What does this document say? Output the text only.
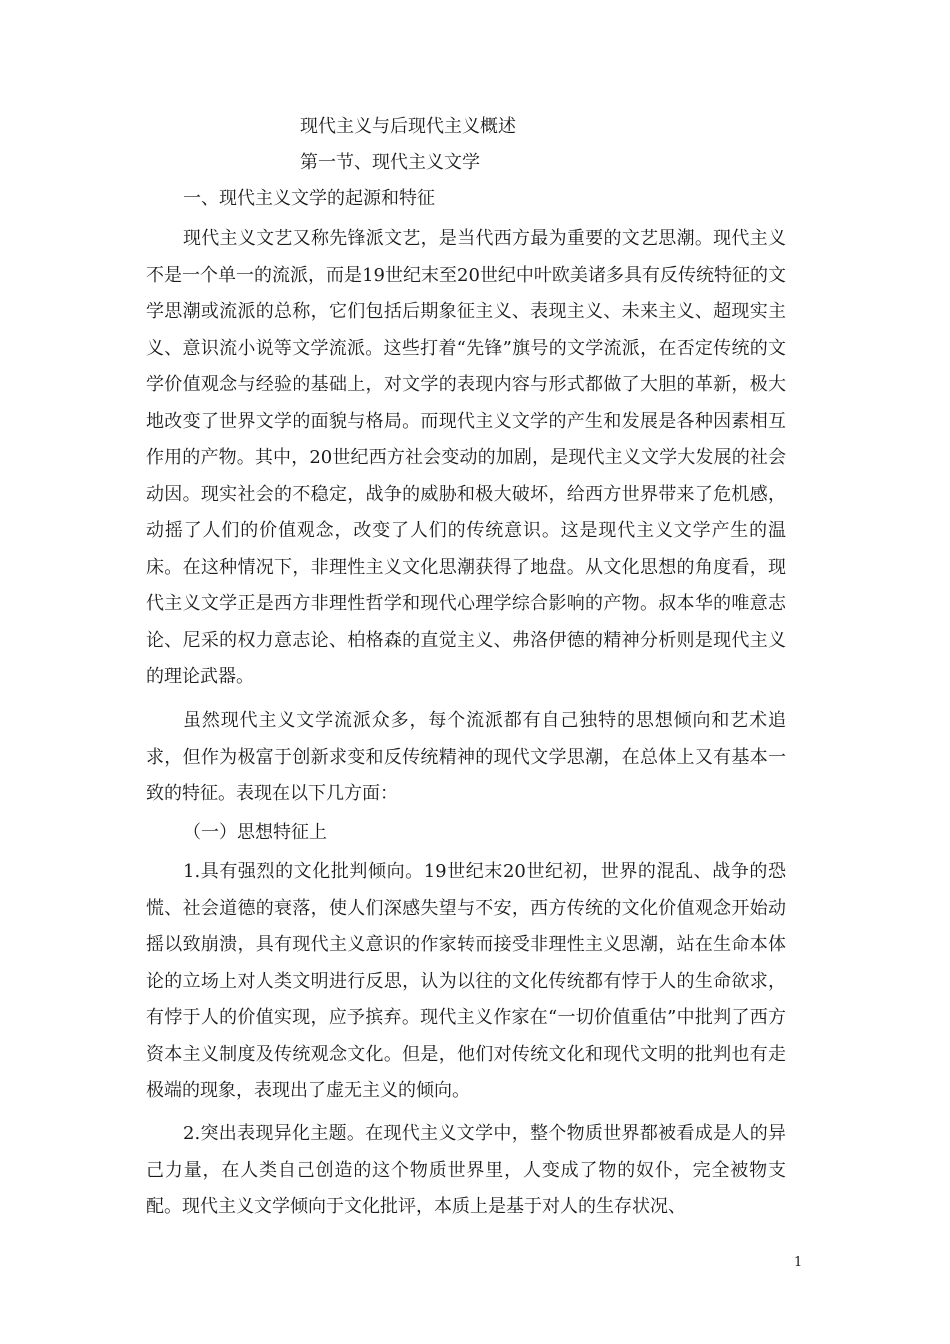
现代主义与后现代主义概述
第一节、现代主义文学
一、现代主义文学的起源和特征

现代主义文艺又称先锋派文艺，是当代西方最为重要的文艺思潮。现代主义不是一个单一的流派，而是19世纪末至20世纪中叶欧美诸多具有反传统特征的文学思潮或流派的总称，它们包括后期象征主义、表现主义、未来主义、超现实主义、意识流小说等文学流派。这些打着“先锋”旗号的文学流派，在否定传统的文学价值观念与经验的基础上，对文学的表现内容与形式都做了大胆的革新，极大地改变了世界文学的面貌与格局。而现代主义文学的产生和发展是各种因素相互作用的产物。其中，20世纪西方社会变动的加剧，是现代主义文学大发展的社会动因。现实社会的不稳定，战争的威胁和极大破坏，给西方世界带来了危机感，动摇了人们的价值观念，改变了人们的传统意识。这是现代主义文学产生的温床。在这种情况下，非理性主义文化思潮获得了地盘。从文化思想的角度看，现代主义文学正是西方非理性哲学和现代心理学综合影响的产物。叔本华的唯意志论、尼采的权力意志论、柏格森的直觉主义、弗洛伊德的精神分析则是现代主义的理论武器。

虽然现代主义文学流派众多，每个流派都有自己独特的思想倾向和艺术追求，但作为极富于创新求变和反传统精神的现代文学思潮，在总体上又有基本一致的特征。表现在以下几方面：

（一）思想特征上

1.具有强烈的文化批判倾向。19世纪末20世纪初，世界的混乱、战争的恐慌、社会道德的衰落，使人们深感失望与不安，西方传统的文化价值观念开始动摇以致崩溃，具有现代主义意识的作家转而接受非理性主义思潮，站在生命本体论的立场上对人类文明进行反思，认为以往的文化传统都有悖于人的生命欲求，有悖于人的价值实现，应予摈弃。现代主义作家在“一切价值重估”中批判了西方资本主义制度及传统观念文化。但是，他们对传统文化和现代文明的批判也有走极端的现象，表现出了虚无主义的倾向。

2.突出表现异化主题。在现代主义文学中，整个物质世界都被看成是人的异己力量，在人类自己创造的这个物质世界里，人变成了物的奴仆，完全被物支配。现代主义文学倾向于文化批评，本质上是基于对人的生存状况、

1
